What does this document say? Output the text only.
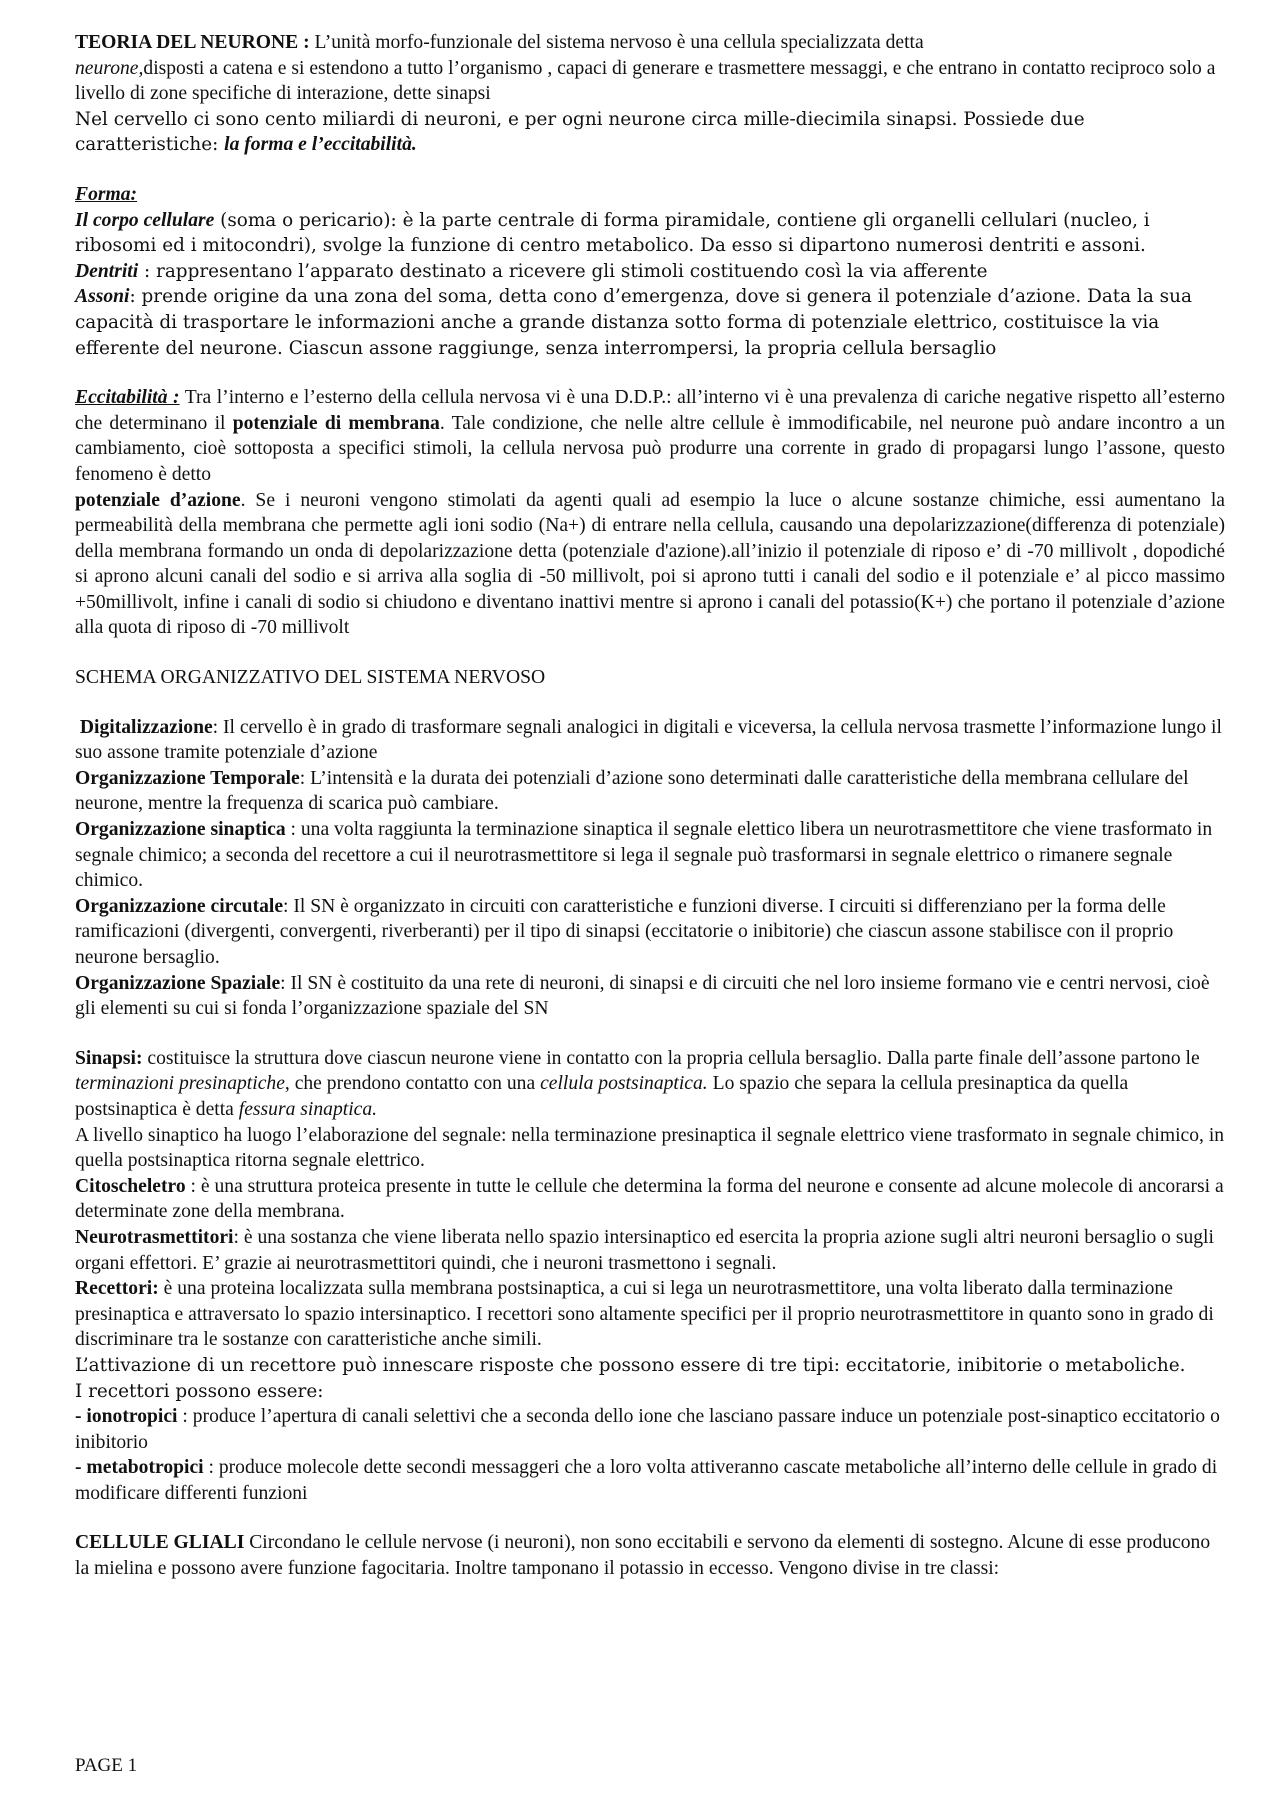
TEORIA DEL NEURONE : L’unità morfo-funzionale del sistema nervoso è una cellula specializzata detta
neurone,disposti a catena e si estendono a tutto l’organismo , capaci di generare e trasmettere messaggi, e che entrano in contatto reciproco solo a livello di zone specifiche di interazione, dette sinapsi

Nel cervello ci sono cento miliardi di neuroni, e per ogni neurone circa mille-diecimila sinapsi. Possiede due caratteristiche: la forma e l’eccitabilità.

Forma:

Il corpo cellulare (soma o pericario): è la parte centrale di forma piramidale, contiene gli organelli cellulari (nucleo, i ribosomi ed i mitocondri), svolge la funzione di centro metabolico. Da esso si dipartono numerosi dentriti e assoni.

Dentriti : rappresentano l’apparato destinato a ricevere gli stimoli costituendo così la via afferente

Assoni: prende origine da una zona del soma, detta cono d’emergenza, dove si genera il potenziale d’azione. Data la sua capacità di trasportare le informazioni anche a grande distanza sotto forma di potenziale elettrico, costituisce la via efferente del neurone. Ciascun assone raggiunge, senza interrompersi, la propria cellula bersaglio

Eccitabilità : Tra l’interno e l’esterno della cellula nervosa vi è una D.D.P.: all’interno vi è una prevalenza di cariche negative rispetto all’esterno che determinano il potenziale di membrana. Tale condizione, che nelle altre cellule è immodificabile, nel neurone può andare incontro a un cambiamento, cioè sottoposta a specifici stimoli, la cellula nervosa può produrre una corrente in grado di propagarsi lungo l’assone, questo fenomeno è detto
potenziale d’azione. Se i neuroni vengono stimolati da agenti quali ad esempio la luce o alcune sostanze chimiche, essi aumentano la permeabilità della membrana che permette agli ioni sodio (Na+) di entrare nella cellula, causando una depolarizzazione(differenza di potenziale) della membrana formando un onda di depolarizzazione detta (potenziale d'azione).all’inizio il potenziale di riposo e’ di -70 millivolt , dopodiché si aprono alcuni canali del sodio e si arriva alla soglia di -50 millivolt, poi si aprono tutti i canali del sodio e il potenziale e’ al picco massimo +50millivolt, infine i canali di sodio si chiudono e diventano inattivi mentre si aprono i canali del potassio(K+) che portano il potenziale d’azione alla quota di riposo di -70 millivolt

SCHEMA ORGANIZZATIVO DEL SISTEMA NERVOSO

Digitalizzazione: Il cervello è in grado di trasformare segnali analogici in digitali e viceversa, la cellula nervosa trasmette l’informazione lungo il suo assone tramite potenziale d’azione

Organizzazione Temporale: L’intensità e la durata dei potenziali d’azione sono determinati dalle caratteristiche della membrana cellulare del neurone, mentre la frequenza di scarica può cambiare.

Organizzazione sinaptica : una volta raggiunta la terminazione sinaptica il segnale elettico libera un neurotrasmettitore che viene trasformato in segnale chimico; a seconda del recettore a cui il neurotrasmettitore si lega il segnale può trasformarsi in segnale elettrico o rimanere segnale chimico.

Organizzazione circutale: Il SN è organizzato in circuiti con caratteristiche e funzioni diverse. I circuiti si differenziano per la forma delle ramificazioni (divergenti, convergenti, riverberanti) per il tipo di sinapsi (eccitatorie o inibitorie) che ciascun assone stabilisce con il proprio neurone bersaglio.

Organizzazione Spaziale: Il SN è costituito da una rete di neuroni, di sinapsi e di circuiti che nel loro insieme formano vie e centri nervosi, cioè gli elementi su cui si fonda l’organizzazione spaziale del SN

Sinapsi: costituisce la struttura dove ciascun neurone viene in contatto con la propria cellula bersaglio. Dalla parte finale dell’assone partono le terminazioni presinaptiche, che prendono contatto con una cellula postsinaptica. Lo spazio che separa la cellula presinaptica da quella postsinaptica è detta fessura sinaptica.

A livello sinaptico ha luogo l’elaborazione del segnale: nella terminazione presinaptica il segnale elettrico viene trasformato in segnale chimico, in quella postsinaptica ritorna segnale elettrico.

Citoscheletro : è una struttura proteica presente in tutte le cellule che determina la forma del neurone e consente ad alcune molecole di ancorarsi a determinate zone della membrana.

Neurotrasmettitori: è una sostanza che viene liberata nello spazio intersinaptico ed esercita la propria azione sugli altri neuroni bersaglio o sugli organi effettori. E’ grazie ai neurotrasmettitori quindi, che i neuroni trasmettono i segnali.

Recettori: è una proteina localizzata sulla membrana postsinaptica, a cui si lega un neurotrasmettitore, una volta liberato dalla terminazione presinaptica e attraversato lo spazio intersinaptico. I recettori sono altamente specifici per il proprio neurotrasmettitore in quanto sono in grado di discriminare tra le sostanze con caratteristiche anche simili.

L’attivazione di un recettore può innescare risposte che possono essere di tre tipi: eccitatorie, inibitorie o metaboliche.

I recettori possono essere:

- ionotropici : produce l’apertura di canali selettivi che a seconda dello ione che lasciano passare induce un potenziale post-sinaptico eccitatorio o inibitorio

- metabotropici : produce molecole dette secondi messaggeri che a loro volta attiveranno cascate metaboliche all’interno delle cellule in grado di modificare differenti funzioni

CELLULE GLIALI Circondano le cellule nervose (i neuroni), non sono eccitabili e servono da elementi di sostegno. Alcune di esse producono la mielina e possono avere funzione fagocitaria. Inoltre tamponano il potassio in eccesso. Vengono divise in tre classi:

PAGE 1
